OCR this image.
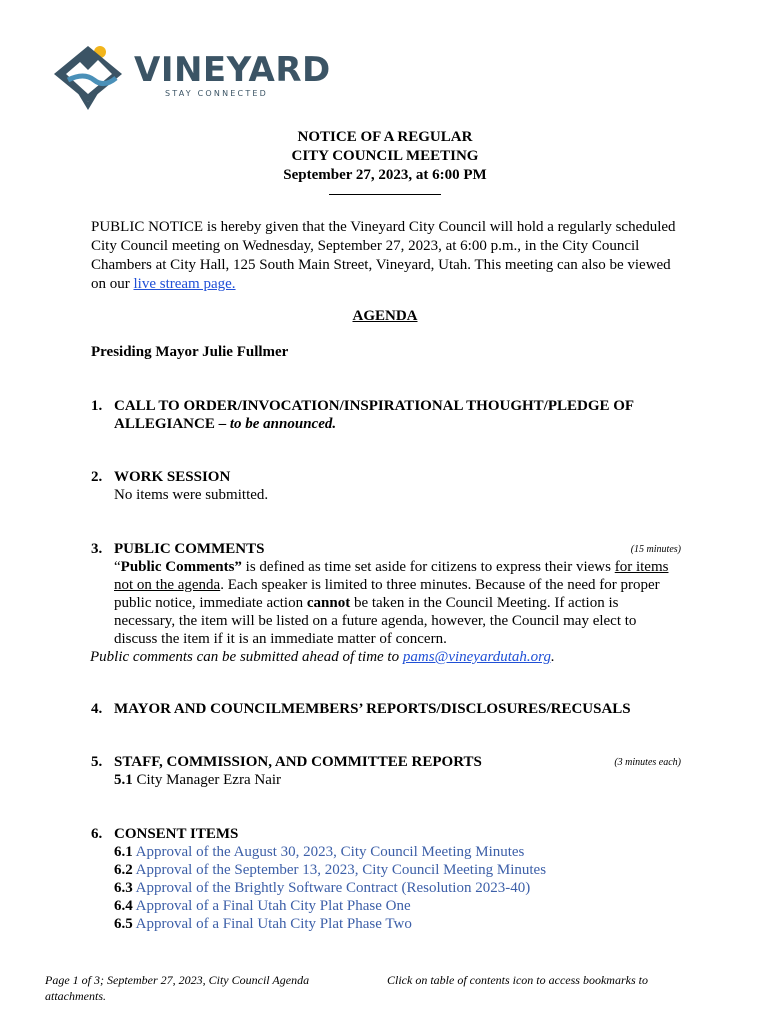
VINEYARD
STAY CONNECTED
NOTICE OF A REGULAR
CITY COUNCIL MEETING
September 27, 2023, at 6:00 PM
PUBLIC NOTICE is hereby given that the Vineyard City Council will hold a regularly scheduled City Council meeting on Wednesday, September 27, 2023, at 6:00 p.m., in the City Council Chambers at City Hall, 125 South Main Street, Vineyard, Utah. This meeting can also be viewed on our live stream page.
AGENDA
Presiding Mayor Julie Fullmer
1. CALL TO ORDER/INVOCATION/INSPIRATIONAL THOUGHT/PLEDGE OF ALLEGIANCE – to be announced.
2. WORK SESSION
No items were submitted.
3.	(15 minutes)
PUBLIC COMMENTS
“Public Comments” is defined as time set aside for citizens to express their views for items not on the agenda. Each speaker is limited to three minutes. Because of the need for proper public notice, immediate action cannot be taken in the Council Meeting. If action is necessary, the item will be listed on a future agenda, however, the Council may elect to discuss the item if it is an immediate matter of concern.
Public comments can be submitted ahead of time to pams@vineyardutah.org.
4. MAYOR AND COUNCILMEMBERS’ REPORTS/DISCLOSURES/RECUSALS
5.	(3 minutes each)
STAFF, COMMISSION, AND COMMITTEE REPORTS
5.1 City Manager Ezra Nair
6. CONSENT ITEMS
6.1 Approval of the August 30, 2023, City Council Meeting Minutes
6.2 Approval of the September 13, 2023, City Council Meeting Minutes
6.3 Approval of the Brightly Software Contract (Resolution 2023-40)
6.4 Approval of a Final Utah City Plat Phase One
6.5 Approval of a Final Utah City Plat Phase Two
Page 1 of 3; September 27, 2023, City Council Agenda attachments.
Click on table of contents icon to access bookmarks to
